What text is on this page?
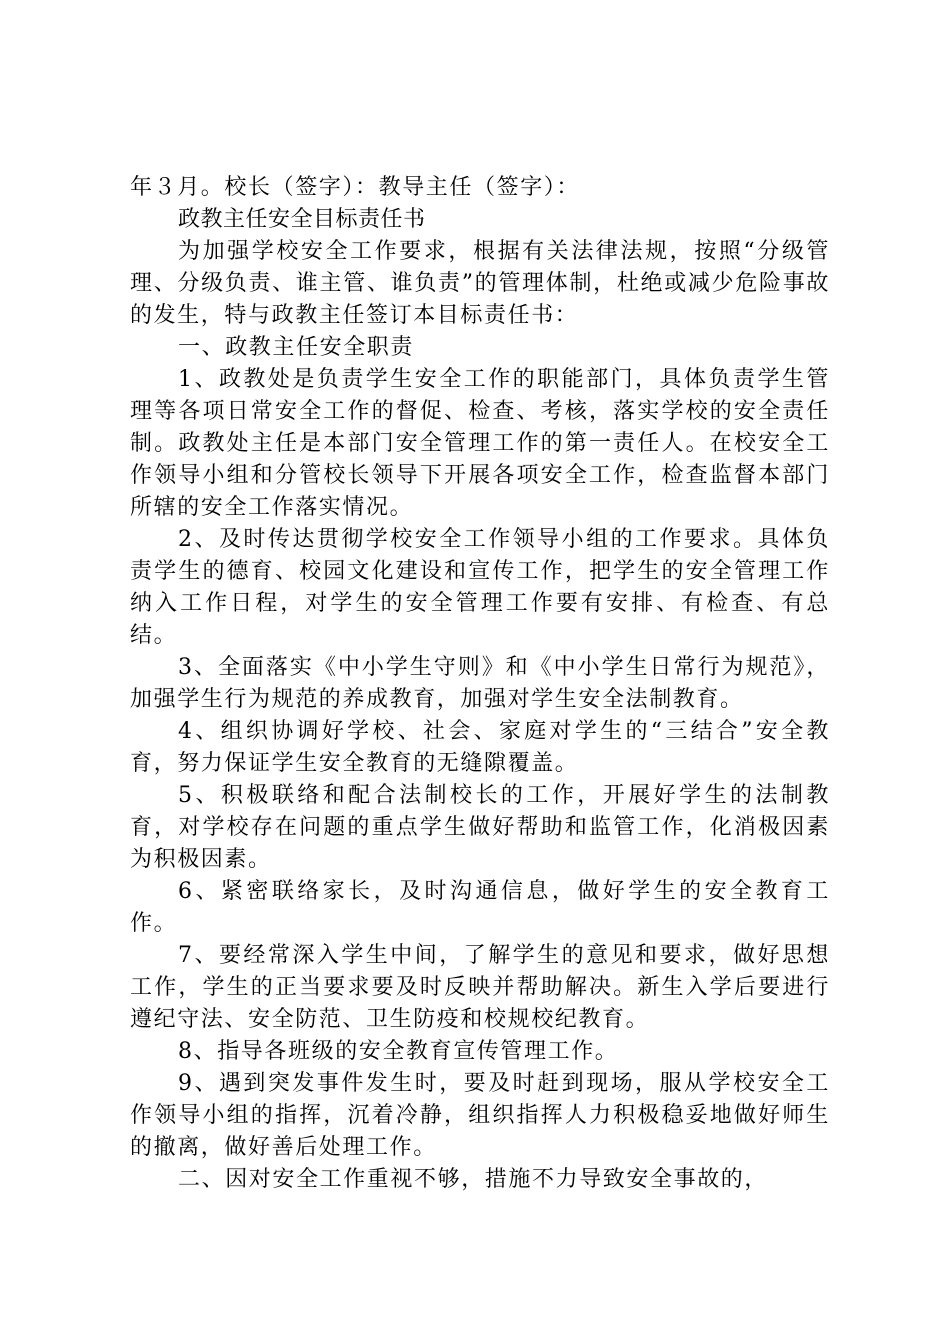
年３月。校长（签字）：教导主任（签字）：

政教主任安全目标责任书

为加强学校安全工作要求，根据有关法律法规，按照“分级管理、分级负责、谁主管、谁负责”的管理体制，杜绝或减少危险事故的发生，特与政教主任签订本目标责任书：

一、政教主任安全职责

1、政教处是负责学生安全工作的职能部门，具体负责学生管理等各项日常安全工作的督促、检查、考核，落实学校的安全责任制。政教处主任是本部门安全管理工作的第一责任人。在校安全工作领导小组和分管校长领导下开展各项安全工作，检查监督本部门所辖的安全工作落实情况。

2、及时传达贯彻学校安全工作领导小组的工作要求。具体负责学生的德育、校园文化建设和宣传工作，把学生的安全管理工作纳入工作日程，对学生的安全管理工作要有安排、有检查、有总结。

3、全面落实《中小学生守则》和《中小学生日常行为规范》，加强学生行为规范的养成教育，加强对学生安全法制教育。

4、组织协调好学校、社会、家庭对学生的“三结合”安全教育，努力保证学生安全教育的无缝隙覆盖。

5、积极联络和配合法制校长的工作，开展好学生的法制教育，对学校存在问题的重点学生做好帮助和监管工作，化消极因素为积极因素。

6、紧密联络家长，及时沟通信息，做好学生的安全教育工作。

7、要经常深入学生中间，了解学生的意见和要求，做好思想工作，学生的正当要求要及时反映并帮助解决。新生入学后要进行遵纪守法、安全防范、卫生防疫和校规校纪教育。

8、指导各班级的安全教育宣传管理工作。

9、遇到突发事件发生时，要及时赶到现场，服从学校安全工作领导小组的指挥，沉着冷静，组织指挥人力积极稳妥地做好师生的撤离，做好善后处理工作。

二、因对安全工作重视不够，措施不力导致安全事故的，
